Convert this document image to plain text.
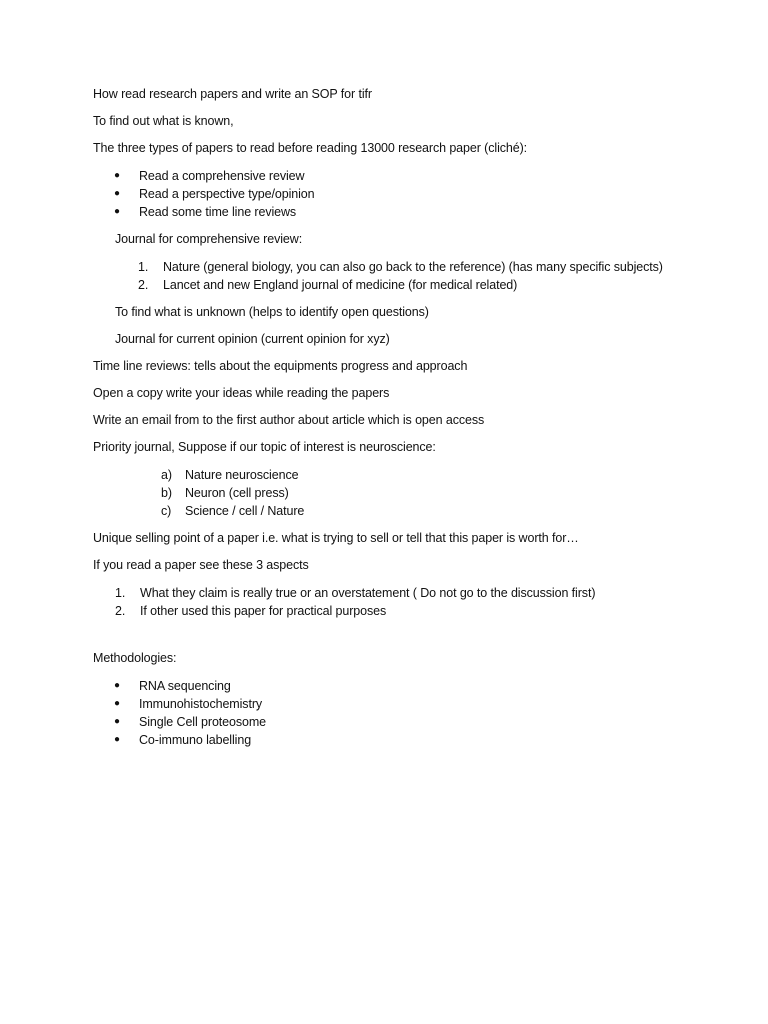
How read research papers and write an SOP for tifr

To find out what is known,

The three types of papers to read before reading 13000 research paper (cliché):

● Read a comprehensive review
● Read a perspective type/opinion
● Read some time line reviews

Journal for comprehensive review:

1. Nature (general biology, you can also go back to the reference) (has many specific subjects)
2. Lancet and new England journal of medicine (for medical related)

To find what is unknown (helps to identify open questions)

Journal for current opinion (current opinion for xyz)

Time line reviews: tells about the equipments progress and approach

Open a copy write your ideas while reading the papers

Write an email from to the first author about article which is open access

Priority journal, Suppose if our topic of interest is neuroscience:

a) Nature neuroscience
b) Neuron (cell press)
c) Science / cell / Nature

Unique selling point of a paper i.e. what is trying to sell or tell that this paper is worth for…

If you read a paper see these 3 aspects

1. What they claim is really true or an overstatement ( Do not go to the discussion first)
2. If other used this paper for practical purposes

Methodologies:

● RNA sequencing
● Immunohistochemistry
● Single Cell proteosome
● Co-immuno labelling
